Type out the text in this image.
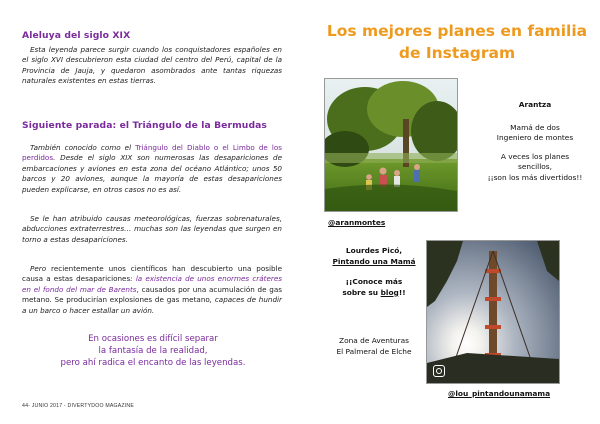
Aleluya del siglo XIX
Esta leyenda parece surgir cuando los conquistadores españoles en el siglo XVI descubrieron esta ciudad del centro del Perú, capital de la Provincia de Jauja, y quedaron asombrados ante tantas riquezas naturales existentes en estas tierras.
Siguiente parada: el Triángulo de la Bermudas
También conocido como el Triángulo del Diablo o el Limbo de los perdidos. Desde el siglo XIX son numerosas las desapariciones de embarcaciones y aviones en esta zona del océano Atlántico; unos 50 barcos y 20 aviones, aunque la mayoría de estas desapariciones pueden explicarse, en otros casos no es así.
Se le han atribuido causas meteorológicas, fuerzas sobrenaturales, abducciones extraterrestres… muchas son las leyendas que surgen en torno a estas desapariciones.
Pero recientemente unos científicos han descubierto una posible causa a estas desapariciones: la existencia de unos enormes cráteres en el fondo del mar de Barents, causados por una acumulación de gas metano. Se producirían explosiones de gas metano, capaces de hundir a un barco o hacer estallar un avión.
En ocasiones es difícil separar
la fantasía de la realidad,
pero ahí radica el encanto de las leyendas.
44- JUNIO 2017 - DIVERTYDOO MAGAZINE
Los mejores planes en familia
de Instagram
@aranmontes
Arantza
Mamá de dos
Ingeniero de montes
A veces los planes
sencillos,
¡¡son los más divertidos!!
Lourdes Picó,
Pintando una Mamá
¡¡Conoce más
sobre su blog!!
Zona de Aventuras
El Palmeral de Elche
@lou_pintandounamama
